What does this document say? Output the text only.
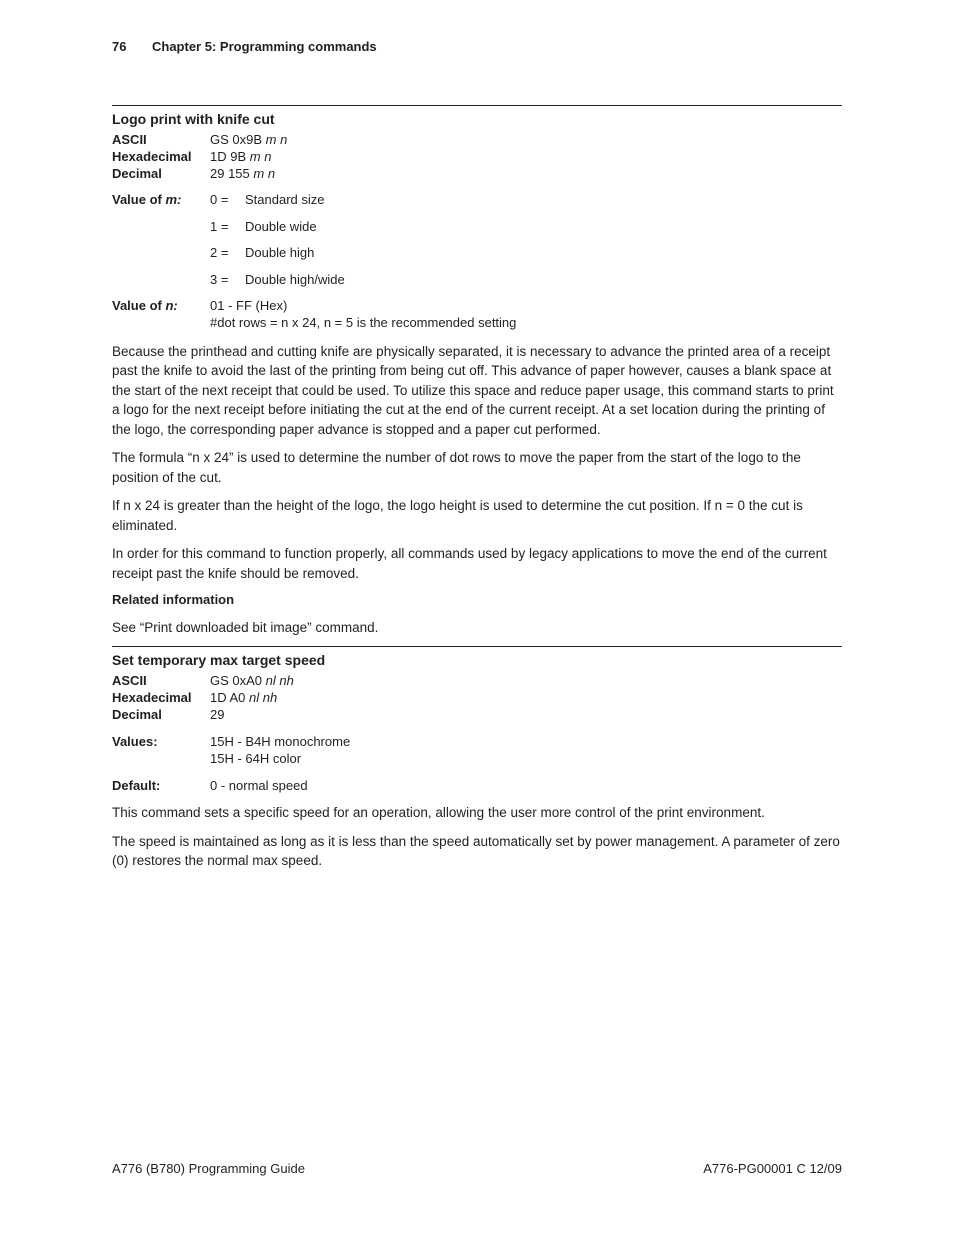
76 Chapter 5: Programming commands
Logo print with knife cut
ASCII	GS 0x9B m n
Hexadecimal 1D 9B m n
Decimal	29 155 m n
Value of m: 0 = Standard size
1 = Double wide
2 = Double high
3 = Double high/wide
Value of n: 01 - FF (Hex)
#dot rows = n x 24, n = 5 is the recommended setting

Because the printhead and cutting knife are physically separated, it is necessary to advance the printed area of a receipt past the knife to avoid the last of the printing from being cut off. This advance of paper however, causes a blank space at the start of the next receipt that could be used. To utilize this space and reduce paper usage, this command starts to print a logo for the next receipt before initiating the cut at the end of the current receipt. At a set location during the printing of the logo, the corresponding paper advance is stopped and a paper cut performed.

The formula “n x 24” is used to determine the number of dot rows to move the paper from the start of the logo to the position of the cut.

If n x 24 is greater than the height of the logo, the logo height is used to determine the cut position. If n = 0 the cut is eliminated.

In order for this command to function properly, all commands used by legacy applications to move the end of the current receipt past the knife should be removed.

Related information

See “Print downloaded bit image” command.

Set temporary max target speed
ASCII	GS 0xA0 nl nh
Hexadecimal 1D A0 nl nh
Decimal	29
Values:	15H - B4H monochrome
15H - 64H color
Default:	0 - normal speed

This command sets a specific speed for an operation, allowing the user more control of the print environment.

The speed is maintained as long as it is less than the speed automatically set by power management. A parameter of zero (0) restores the normal max speed.

A776 (B780) Programming Guide	A776-PG00001 C 12/09
